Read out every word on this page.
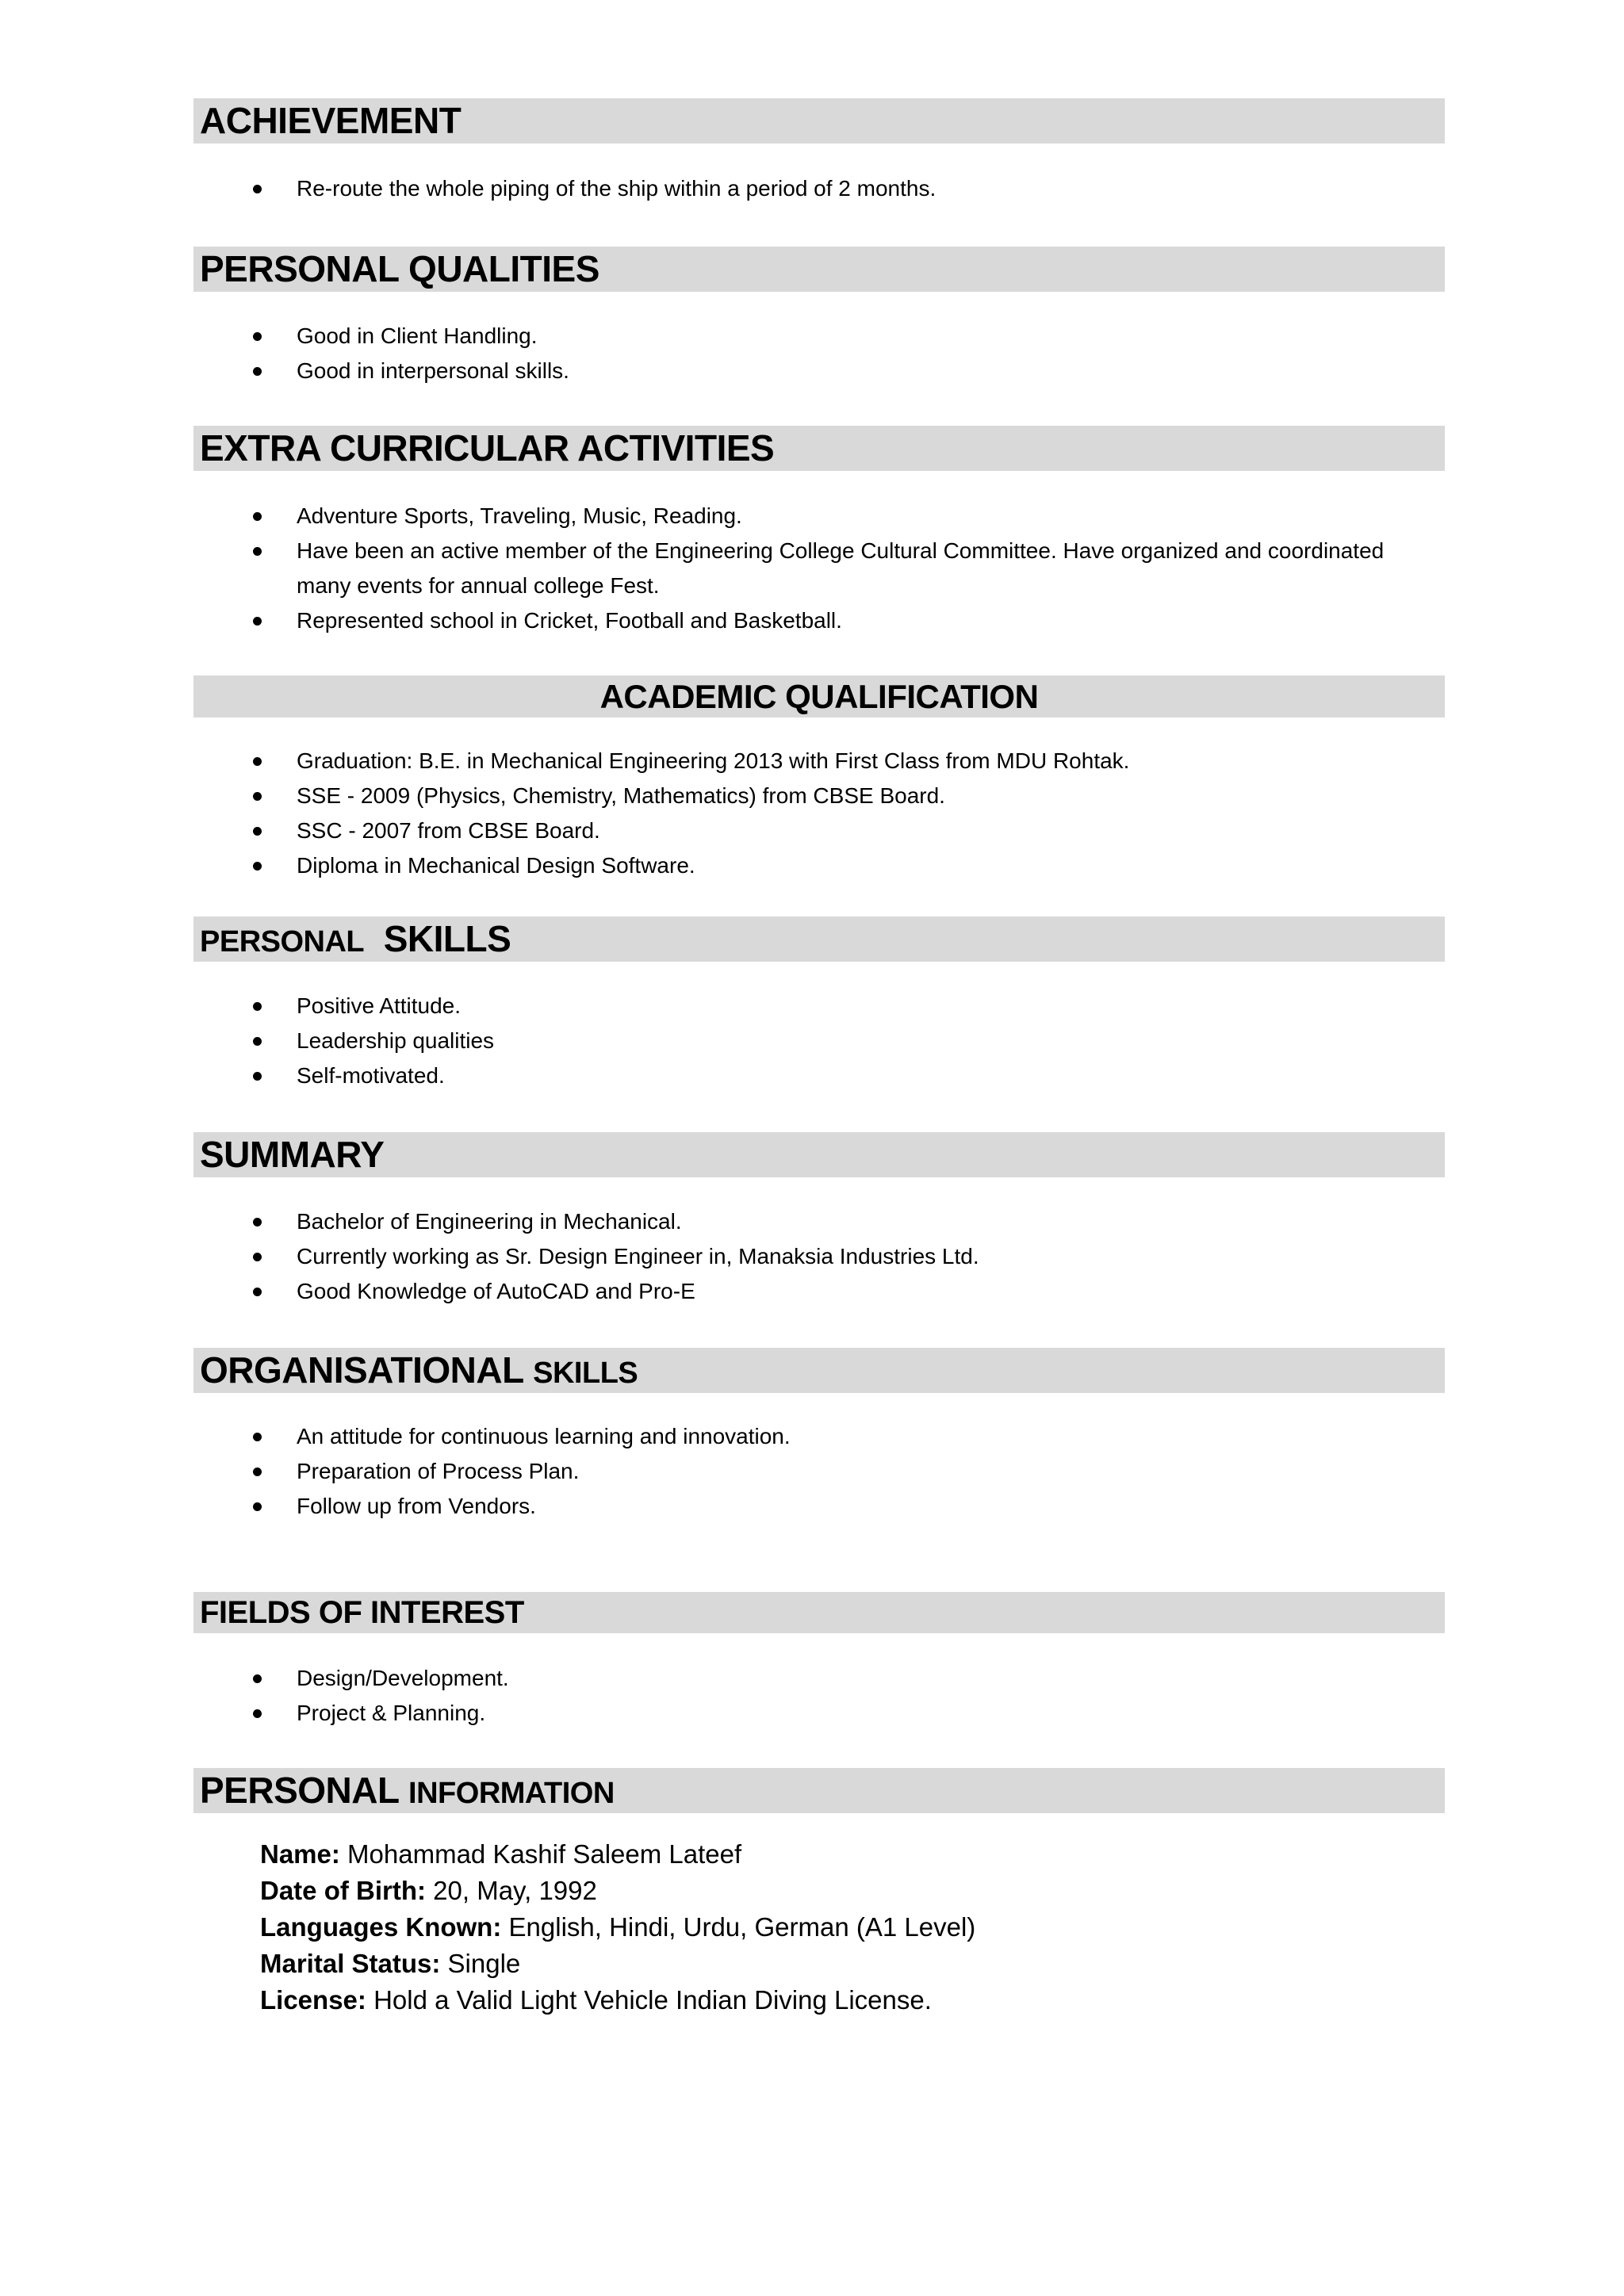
ACHIEVEMENT
Re-route the whole piping of the ship within a period of 2 months.
PERSONAL QUALITIES
Good in Client Handling.
Good in interpersonal skills.
EXTRA CURRICULAR ACTIVITIES
Adventure Sports, Traveling, Music, Reading.
Have been an active member of the Engineering College Cultural Committee. Have organized and coordinated many events for annual college Fest.
Represented school in Cricket, Football and Basketball.
ACADEMIC QUALIFICATION
Graduation: B.E. in Mechanical Engineering 2013 with First Class from MDU Rohtak.
SSE - 2009 (Physics, Chemistry, Mathematics) from CBSE Board.
SSC - 2007 from CBSE Board.
Diploma in Mechanical Design Software.
PERSONAL SKILLS
Positive Attitude.
Leadership qualities
Self-motivated.
SUMMARY
Bachelor of Engineering in Mechanical.
Currently working as Sr. Design Engineer in, Manaksia Industries Ltd.
Good Knowledge of AutoCAD and Pro-E
ORGANISATIONAL SKILLS
An attitude for continuous learning and innovation.
Preparation of Process Plan.
Follow up from Vendors.
FIELDS OF INTEREST
Design/Development.
Project & Planning.
PERSONAL INFORMATION
Name: Mohammad Kashif Saleem Lateef
Date of Birth: 20, May, 1992
Languages Known: English, Hindi, Urdu, German (A1 Level)
Marital Status: Single
License: Hold a Valid Light Vehicle Indian Diving License.
